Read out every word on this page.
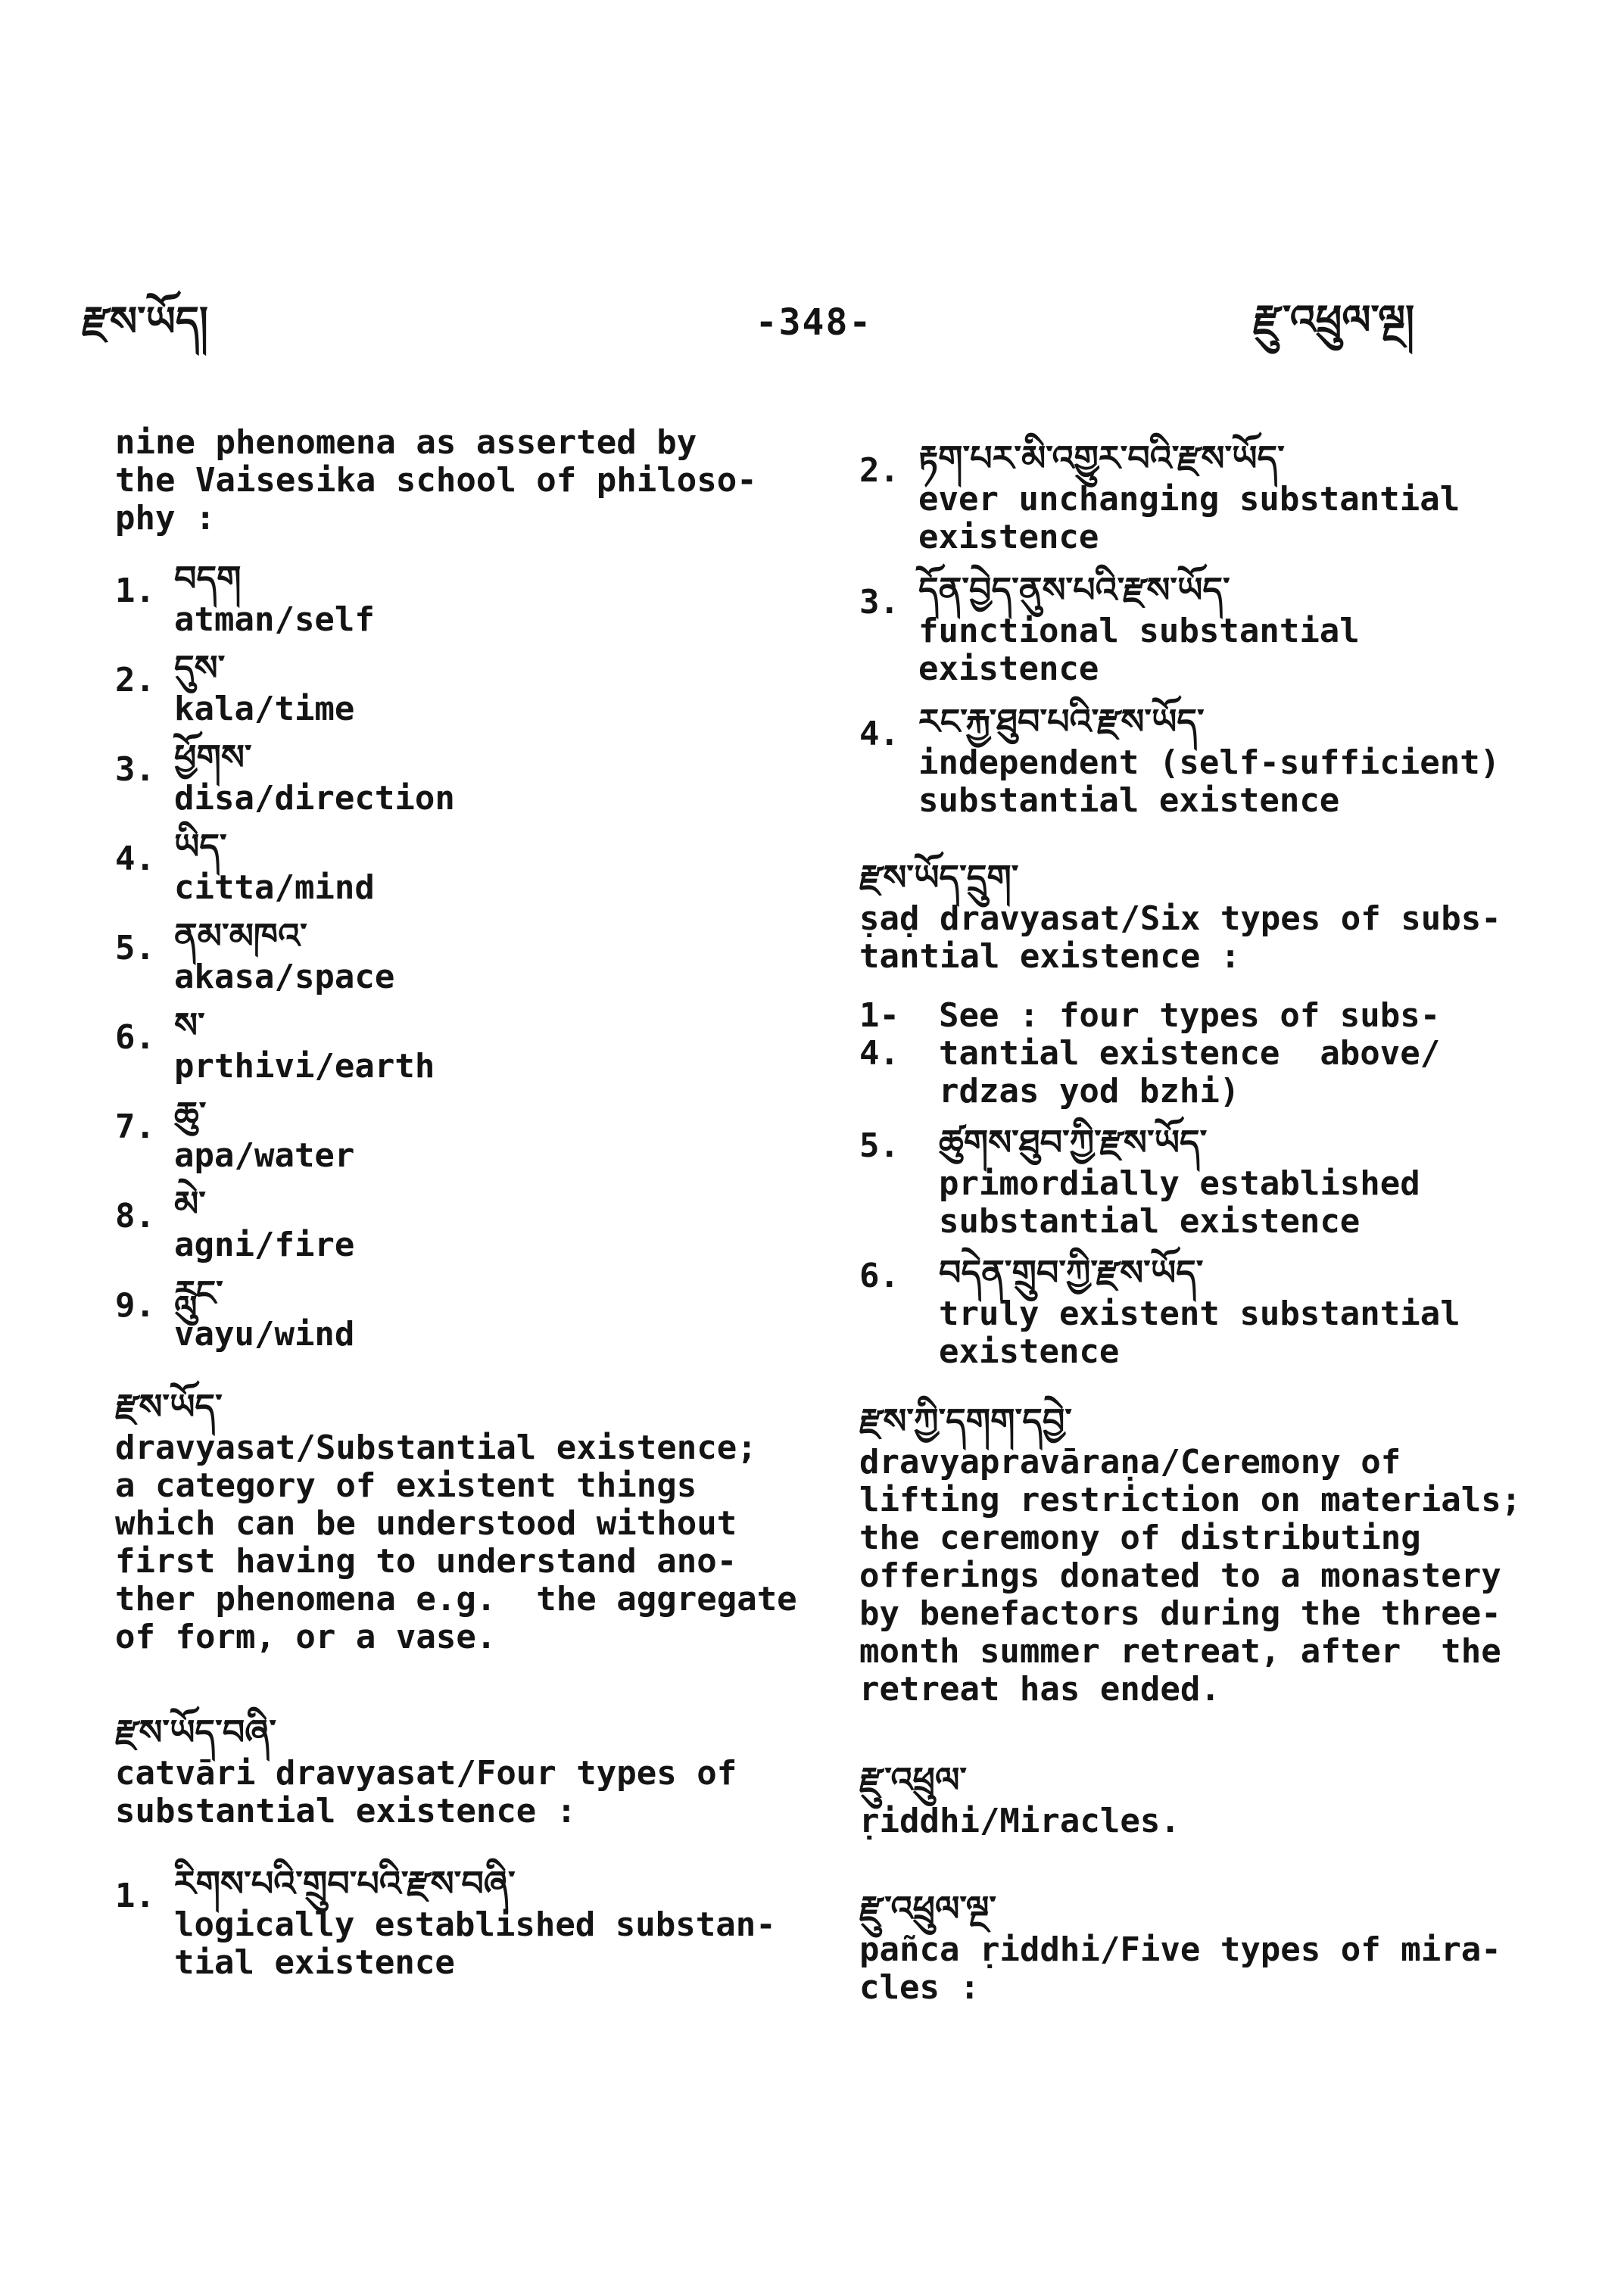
རྫས་ཡོད།	-348-	རྫུ་འཕྲུལ་ལྔ།
nine phenomena as asserted by
the Vaisesika school of philoso-
phy :
1. བདག
atman/self
2. དུས་
kala/time
3. ཕྱོགས་
disa/direction
4. ཡིད་
citta/mind
5. ནམ་མཁའ་
akasa/space
6. ས་
prthivi/earth
7. ཆུ་
apa/water
8. མེ་
agni/fire
9. རླུང་
vayu/wind
རྫས་ཡོད་
dravyasat/Substantial existence;
a category of existent things
which can be understood without
first having to understand ano-
ther phenomena e.g.  the aggregate
of form, or a vase.
རྫས་ཡོད་བཞི་
catvāri dravyasat/Four types of
substantial existence :
1. རིགས་པའི་གྲུབ་པའི་རྫས་བཞི་
logically established substan-
tial existence
2. རྟག་པར་མི་འགྱུར་བའི་རྫས་ཡོད་
ever unchanging substantial
existence
3. དོན་བྱེད་ནུས་པའི་རྫས་ཡོད་
functional substantial
existence
4. རང་རྐྱ་ཐུབ་པའི་རྫས་ཡོད་
independent (self-sufficient)
substantial existence
རྫས་ཡོད་དྲུག་
ṣaḍ dravyasat/Six types of subs-
tantial existence :
1-4.
See : four types of subs-
tantial existence  above/
rdzas yod bzhi)
5.	ཚུགས་ཐུབ་ཀྱི་རྫས་ཡོད་
primordially established
substantial existence
6.	བདེན་གྲུབ་ཀྱི་རྫས་ཡོད་
truly existent substantial
existence
རྫས་ཀྱི་དགག་དབྱེ་
dravyapravāraṇa/Ceremony of
lifting restriction on materials;
the ceremony of distributing
offerings donated to a monastery
by benefactors during the three-
month summer retreat, after  the
retreat has ended.
རྫུ་འཕྲུལ་
ṛiddhi/Miracles.
རྫུ་འཕྲུལ་ལྔ་
pañca ṛiddhi/Five types of mira-
cles :
